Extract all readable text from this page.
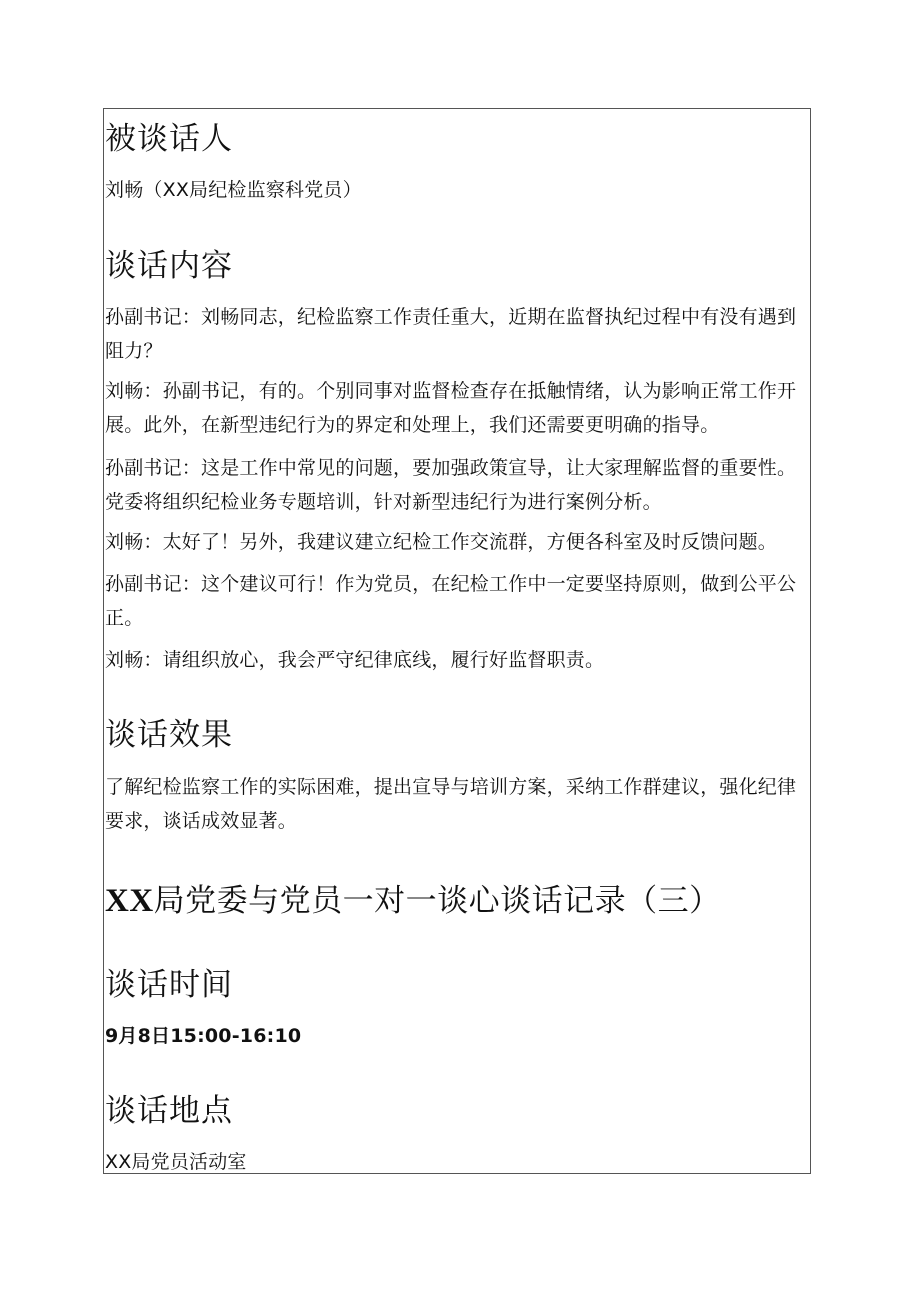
被谈话人

刘畅（XX局纪检监察科党员）

谈话内容

孙副书记：刘畅同志，纪检监察工作责任重大，近期在监督执纪过程中有没有遇到阻力？

刘畅：孙副书记，有的。个别同事对监督检查存在抵触情绪，认为影响正常工作开展。此外，在新型违纪行为的界定和处理上，我们还需要更明确的指导。

孙副书记：这是工作中常见的问题，要加强政策宣导，让大家理解监督的重要性。党委将组织纪检业务专题培训，针对新型违纪行为进行案例分析。

刘畅：太好了！另外，我建议建立纪检工作交流群，方便各科室及时反馈问题。

孙副书记：这个建议可行！作为党员，在纪检工作中一定要坚持原则，做到公平公正。

刘畅：请组织放心，我会严守纪律底线，履行好监督职责。

谈话效果

了解纪检监察工作的实际困难，提出宣导与培训方案，采纳工作群建议，强化纪律要求，谈话成效显著。

XX局党委与党员一对一谈心谈话记录（三）
谈话时间

9月8日15:00-16:10

谈话地点

XX局党员活动室
